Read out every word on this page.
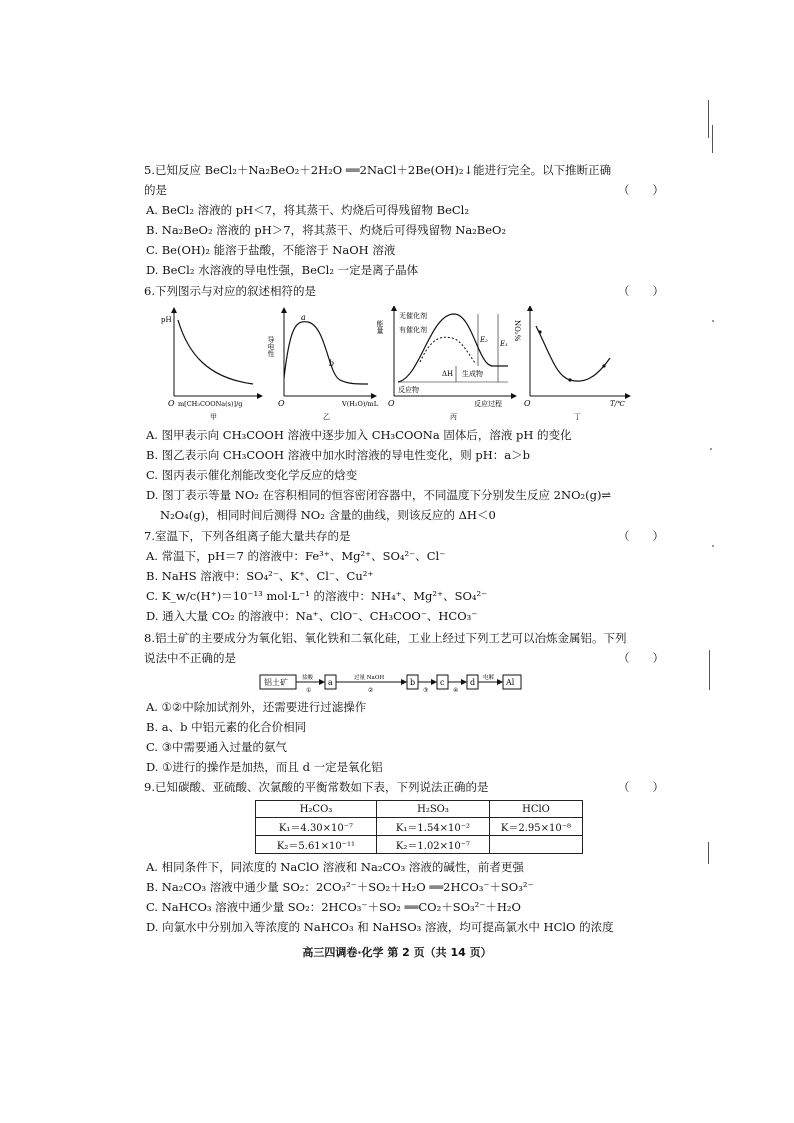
5.已知反应 BeCl₂＋Na₂BeO₂＋2H₂O ══2NaCl＋2Be(OH)₂↓能进行完全。以下推断正确
的是	（　　）
A. BeCl₂ 溶液的 pH＜7，将其蒸干、灼烧后可得残留物 BeCl₂
B. Na₂BeO₂ 溶液的 pH＞7，将其蒸干、灼烧后可得残留物 Na₂BeO₂
C. Be(OH)₂ 能溶于盐酸，不能溶于 NaOH 溶液
D. BeCl₂ 水溶液的导电性强，BeCl₂ 一定是离子晶体
6.下列图示与对应的叙述相符的是	（　　）
pH
O m[CH₃COONa(s)]/g
甲
导电性
a
b
O	V(H₂O)/mL
乙
能量
无催化剂
有催化剂
E₂ E₁
ΔH 生成物
反应物
O	反应过程
丙
NO₂%
O	T/℃
丁
A. 图甲表示向 CH₃COOH 溶液中逐步加入 CH₃COONa 固体后，溶液 pH 的变化
B. 图乙表示向 CH₃COOH 溶液中加水时溶液的导电性变化，则 pH：a＞b
C. 图丙表示催化剂能改变化学反应的焓变
D. 图丁表示等量 NO₂ 在容积相同的恒容密闭容器中，不同温度下分别发生反应 2NO₂(g)⇌
N₂O₄(g)，相同时间后测得 NO₂ 含量的曲线，则该反应的 ΔH＜0
7.室温下，下列各组离子能大量共存的是	（　　）
A. 常温下，pH＝7 的溶液中：Fe³⁺、Mg²⁺、SO₄²⁻、Cl⁻
B. NaHS 溶液中：SO₄²⁻、K⁺、Cl⁻、Cu²⁺
C. K_w/c(H⁺)＝10⁻¹³ mol·L⁻¹ 的溶液中：NH₄⁺、Mg²⁺、SO₄²⁻
D. 通入大量 CO₂ 的溶液中：Na⁺、ClO⁻、CH₃COO⁻、HCO₃⁻
8.铝土矿的主要成分为氧化铝、氧化铁和二氧化硅，工业上经过下列工艺可以冶炼金属铝。下列
说法中不正确的是	（　　）
铝土矿	盐酸
①
a	过量 NaOH
②
b
③
c
④
d 电解 Al
A. ①②中除加试剂外，还需要进行过滤操作
B. a、b 中铝元素的化合价相同
C. ③中需要通入过量的氨气
D. ①进行的操作是加热，而且 d 一定是氧化铝
9.已知碳酸、亚硫酸、次氯酸的平衡常数如下表，下列说法正确的是	（　　）
H₂CO₃	H₂SO₃	HClO
K₁＝4.30×10⁻⁷	K₁＝1.54×10⁻²	K＝2.95×10⁻⁸
K₂＝5.61×10⁻¹¹	K₂＝1.02×10⁻⁷	
A. 相同条件下，同浓度的 NaClO 溶液和 Na₂CO₃ 溶液的碱性，前者更强
B. Na₂CO₃ 溶液中通少量 SO₂：2CO₃²⁻＋SO₂＋H₂O ══2HCO₃⁻＋SO₃²⁻
C. NaHCO₃ 溶液中通少量 SO₂：2HCO₃⁻＋SO₂ ══CO₂＋SO₃²⁻＋H₂O
D. 向氯水中分别加入等浓度的 NaHCO₃ 和 NaHSO₃ 溶液，均可提高氯水中 HClO 的浓度
高三四调卷·化学 第 2 页（共 14 页）
